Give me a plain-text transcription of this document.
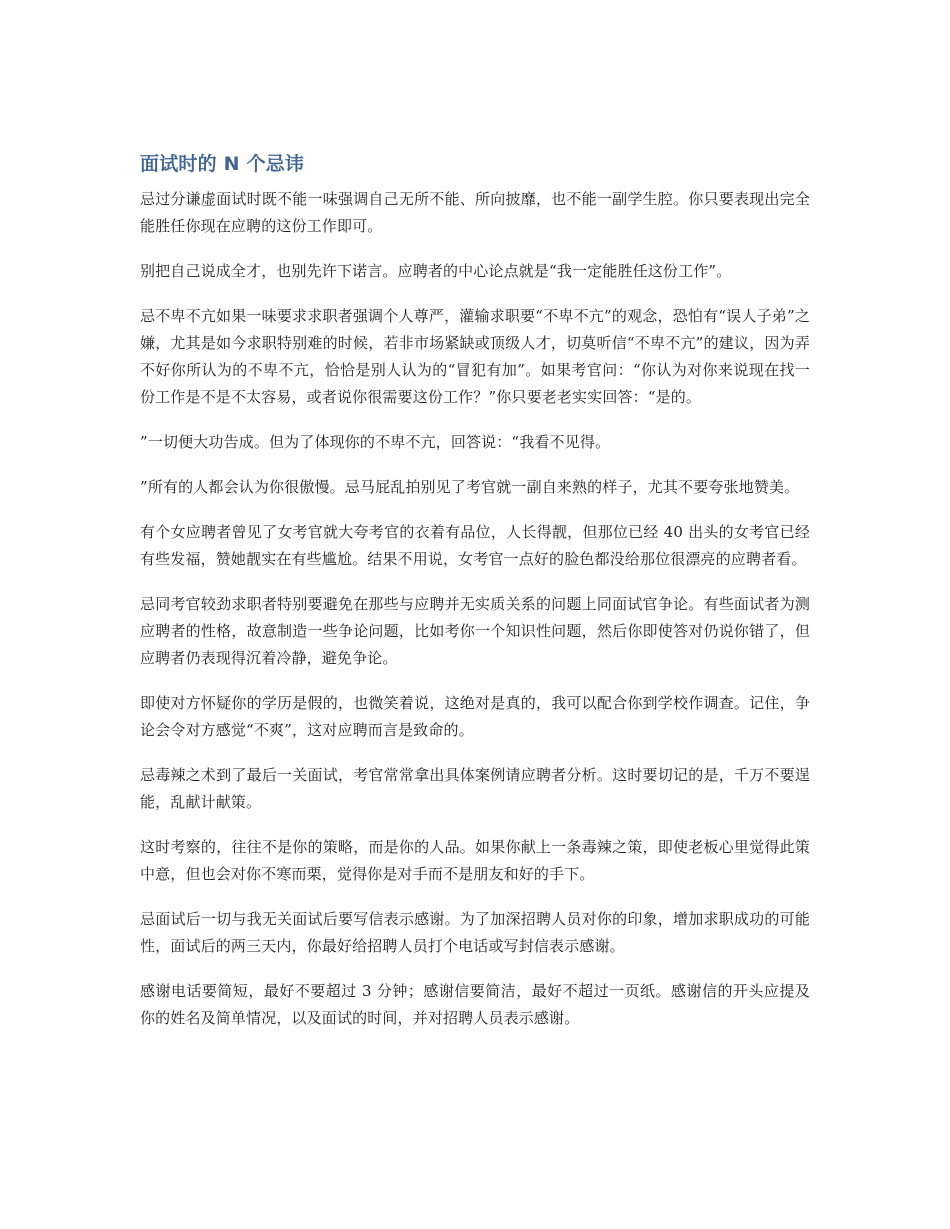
面试时的 N 个忌讳

忌过分谦虚面试时既不能一味强调自己无所不能、所向披靡，也不能一副学生腔。你只要表现出完全能胜任你现在应聘的这份工作即可。

别把自己说成全才，也别先许下诺言。应聘者的中心论点就是“我一定能胜任这份工作”。

忌不卑不亢如果一味要求求职者强调个人尊严，灌输求职要“不卑不亢”的观念，恐怕有“误人子弟”之嫌，尤其是如今求职特别难的时候，若非市场紧缺或顶级人才，切莫听信“不卑不亢”的建议，因为弄不好你所认为的不卑不亢，恰恰是别人认为的“冒犯有加”。如果考官问：“你认为对你来说现在找一份工作是不是不太容易，或者说你很需要这份工作？”你只要老老实实回答：“是的。

”一切便大功告成。但为了体现你的不卑不亢，回答说：“我看不见得。

”所有的人都会认为你很傲慢。忌马屁乱拍别见了考官就一副自来熟的样子，尤其不要夸张地赞美。

有个女应聘者曾见了女考官就大夸考官的衣着有品位，人长得靓，但那位已经 40 出头的女考官已经有些发福，赞她靓实在有些尴尬。结果不用说，女考官一点好的脸色都没给那位很漂亮的应聘者看。

忌同考官较劲求职者特别要避免在那些与应聘并无实质关系的问题上同面试官争论。有些面试者为测应聘者的性格，故意制造一些争论问题，比如考你一个知识性问题，然后你即使答对仍说你错了，但应聘者仍表现得沉着冷静，避免争论。

即使对方怀疑你的学历是假的，也微笑着说，这绝对是真的，我可以配合你到学校作调查。记住，争论会令对方感觉“不爽”，这对应聘而言是致命的。

忌毒辣之术到了最后一关面试，考官常常拿出具体案例请应聘者分析。这时要切记的是，千万不要逞能，乱献计献策。

这时考察的，往往不是你的策略，而是你的人品。如果你献上一条毒辣之策，即使老板心里觉得此策中意，但也会对你不寒而栗，觉得你是对手而不是朋友和好的手下。

忌面试后一切与我无关面试后要写信表示感谢。为了加深招聘人员对你的印象，增加求职成功的可能性，面试后的两三天内，你最好给招聘人员打个电话或写封信表示感谢。

感谢电话要简短，最好不要超过 3 分钟；感谢信要简洁，最好不超过一页纸。感谢信的开头应提及你的姓名及简单情况，以及面试的时间，并对招聘人员表示感谢。
